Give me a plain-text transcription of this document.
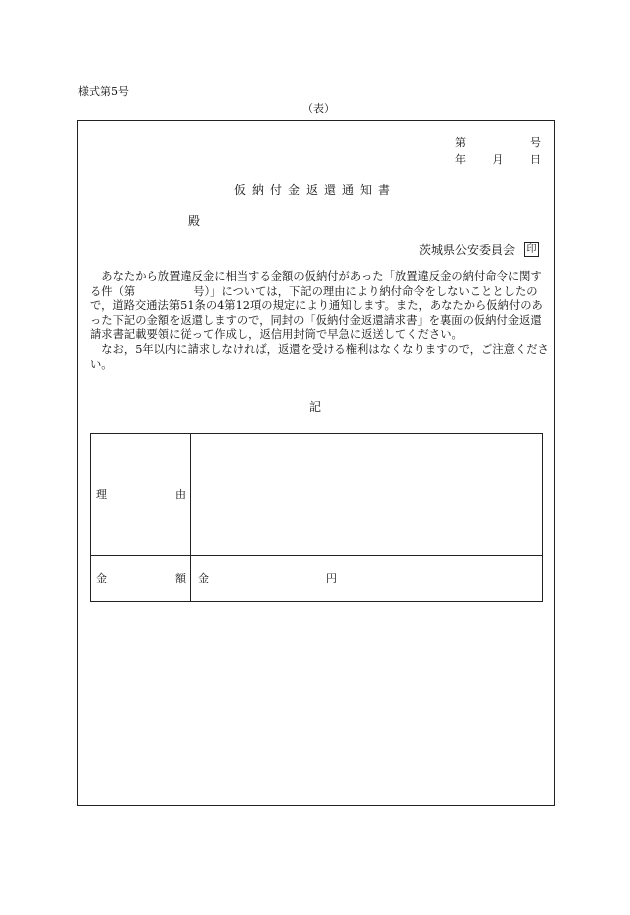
様式第5号
（表）
第	号
年 月 日
仮納付金返還通知書
殿
茨城県公安委員会 印

あなたから放置違反金に相当する金額の仮納付があった「放置違反金の納付命令に関する件（第	号）」については，下記の理由により納付命令をしないこととしたので，道路交通法第51条の4第12項の規定により通知します。また，あなたから仮納付のあった下記の金額を返還しますので，同封の「仮納付金返還請求書」を裏面の仮納付金返還請求書記載要領に従って作成し，返信用封筒で早急に返送してください。

なお，5年以内に請求しなければ，返還を受ける権利はなくなりますので，ご注意ください。

記
理	由
金	額 金	円
